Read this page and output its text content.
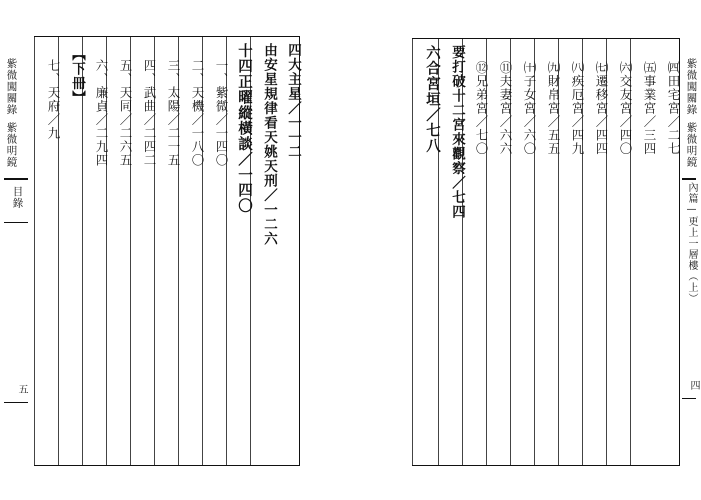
紫微闖關錄
紫微明鏡
目錄
五
四大主星／一一二
由安星規律看天姚天刑／一二六
十四正曜縱橫談／一四〇
一、紫微／一四〇
二、天機／一八〇
三、太陽／二一五
四、武曲／二四二
五、天同／二六五
六、廉貞／二九四
【下冊】
七、天府／九	㈣田宅宮／二七
㈤事業宮／三四
㈥交友宮／四〇
㈦遷移宮／四四
㈧疾厄宮／四九
㈨財帛宮／五五
㈩子女宮／六〇
⑪夫妻宮／六六
⑫兄弟宮／七〇
要打破十二宮來觀察／七四
六合宮垣／七八	紫微闖關錄
紫微明鏡
內篇—更上一層樓（上）
四
